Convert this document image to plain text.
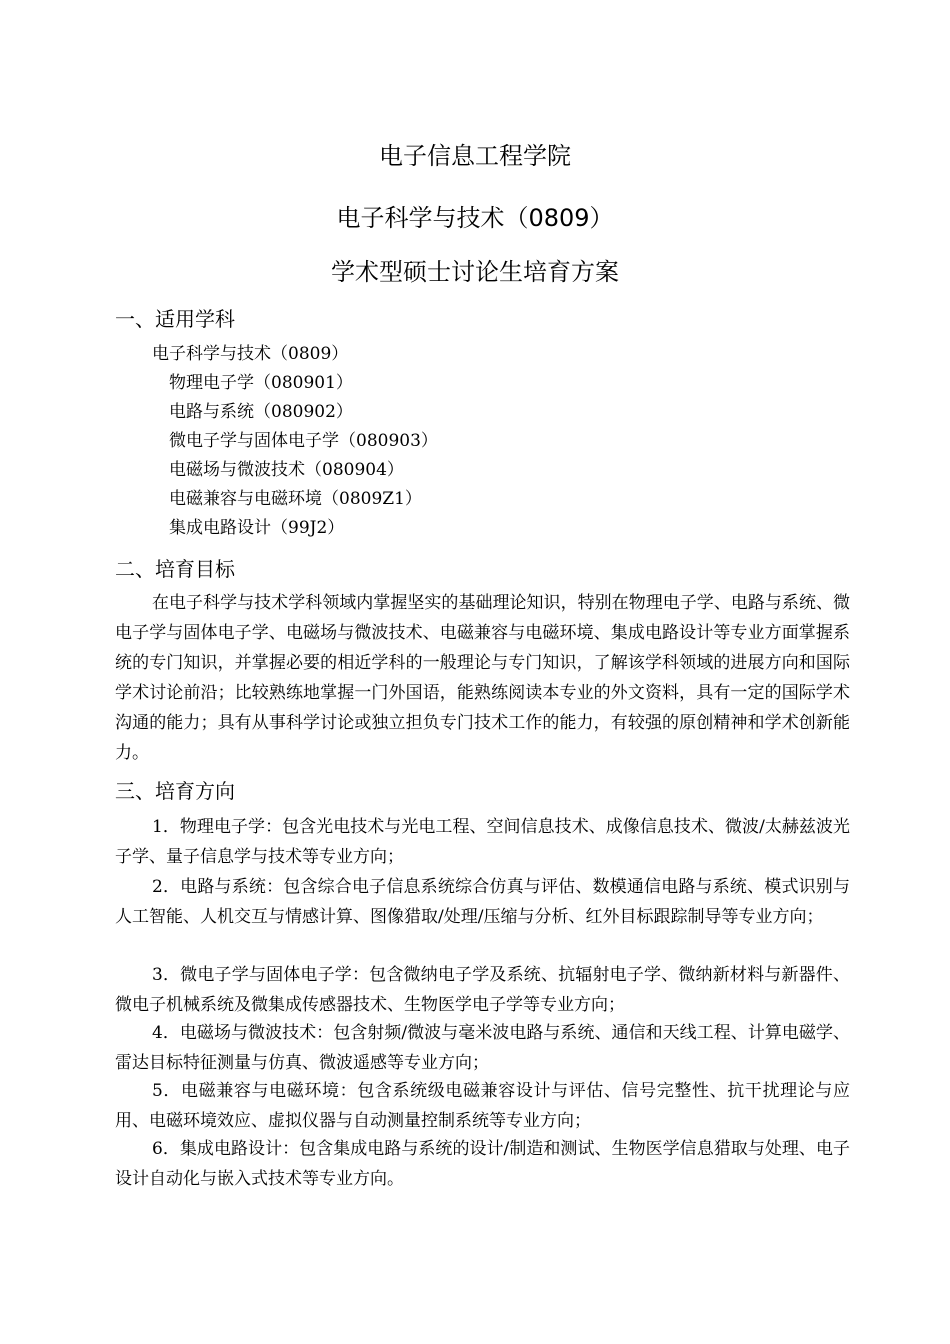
电子信息工程学院
电子科学与技术（0809）
学术型硕士讨论生培育方案
一、适用学科
电子科学与技术（0809）
物理电子学（080901）
电路与系统（080902）
微电子学与固体电子学（080903）
电磁场与微波技术（080904）
电磁兼容与电磁环境（0809Z1）
集成电路设计（99J2）
二、培育目标
在电子科学与技术学科领域内掌握坚实的基础理论知识，特别在物理电子学、电路与系统、微电子学与固体电子学、电磁场与微波技术、电磁兼容与电磁环境、集成电路设计等专业方面掌握系统的专门知识，并掌握必要的相近学科的一般理论与专门知识，了解该学科领域的进展方向和国际学术讨论前沿；比较熟练地掌握一门外国语，能熟练阅读本专业的外文资料，具有一定的国际学术沟通的能力；具有从事科学讨论或独立担负专门技术工作的能力，有较强的原创精神和学术创新能力。
三、培育方向
1．物理电子学：包含光电技术与光电工程、空间信息技术、成像信息技术、微波/太赫兹波光子学、量子信息学与技术等专业方向；
2．电路与系统：包含综合电子信息系统综合仿真与评估、数模通信电路与系统、模式识别与人工智能、人机交互与情感计算、图像猎取/处理/压缩与分析、红外目标跟踪制导等专业方向；
3．微电子学与固体电子学：包含微纳电子学及系统、抗辐射电子学、微纳新材料与新器件、微电子机械系统及微集成传感器技术、生物医学电子学等专业方向；
4．电磁场与微波技术：包含射频/微波与毫米波电路与系统、通信和天线工程、计算电磁学、雷达目标特征测量与仿真、微波遥感等专业方向；
5．电磁兼容与电磁环境：包含系统级电磁兼容设计与评估、信号完整性、抗干扰理论与应用、电磁环境效应、虚拟仪器与自动测量控制系统等专业方向；
6．集成电路设计：包含集成电路与系统的设计/制造和测试、生物医学信息猎取与处理、电子设计自动化与嵌入式技术等专业方向。
